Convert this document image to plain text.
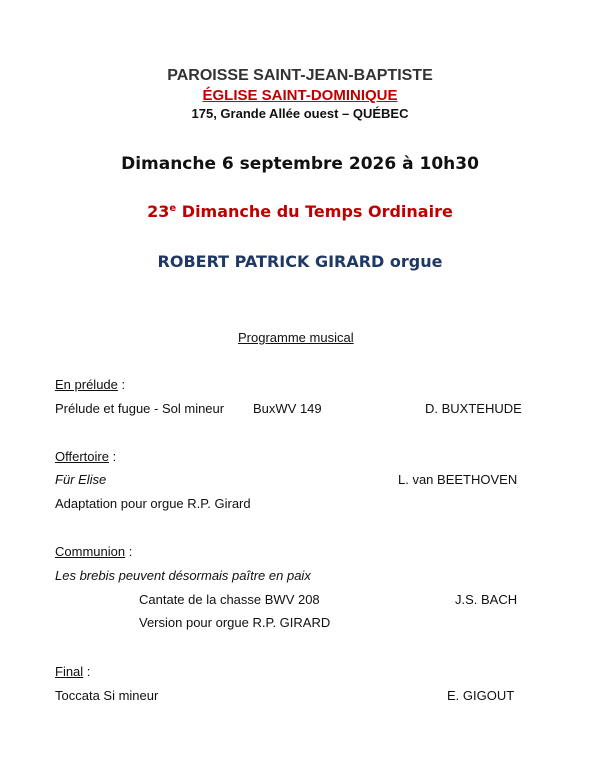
PAROISSE SAINT-JEAN-BAPTISTE
ÉGLISE SAINT-DOMINIQUE
175, Grande Allée ouest – QUÉBEC
Dimanche 6 septembre 2026 à 10h30
23e Dimanche du Temps Ordinaire
ROBERT PATRICK GIRARD orgue
Programme musical
En prélude :
Prélude et fugue - Sol mineur BuxWV 149	D. BUXTEHUDE
Offertoire :
Für Elise	L. van BEETHOVEN
Adaptation pour orgue R.P. Girard
Communion :
Les brebis peuvent désormais paître en paix
Cantate de la chasse BWV 208	J.S. BACH
Version pour orgue R.P. GIRARD
Final :
Toccata Si mineur	E. GIGOUT
